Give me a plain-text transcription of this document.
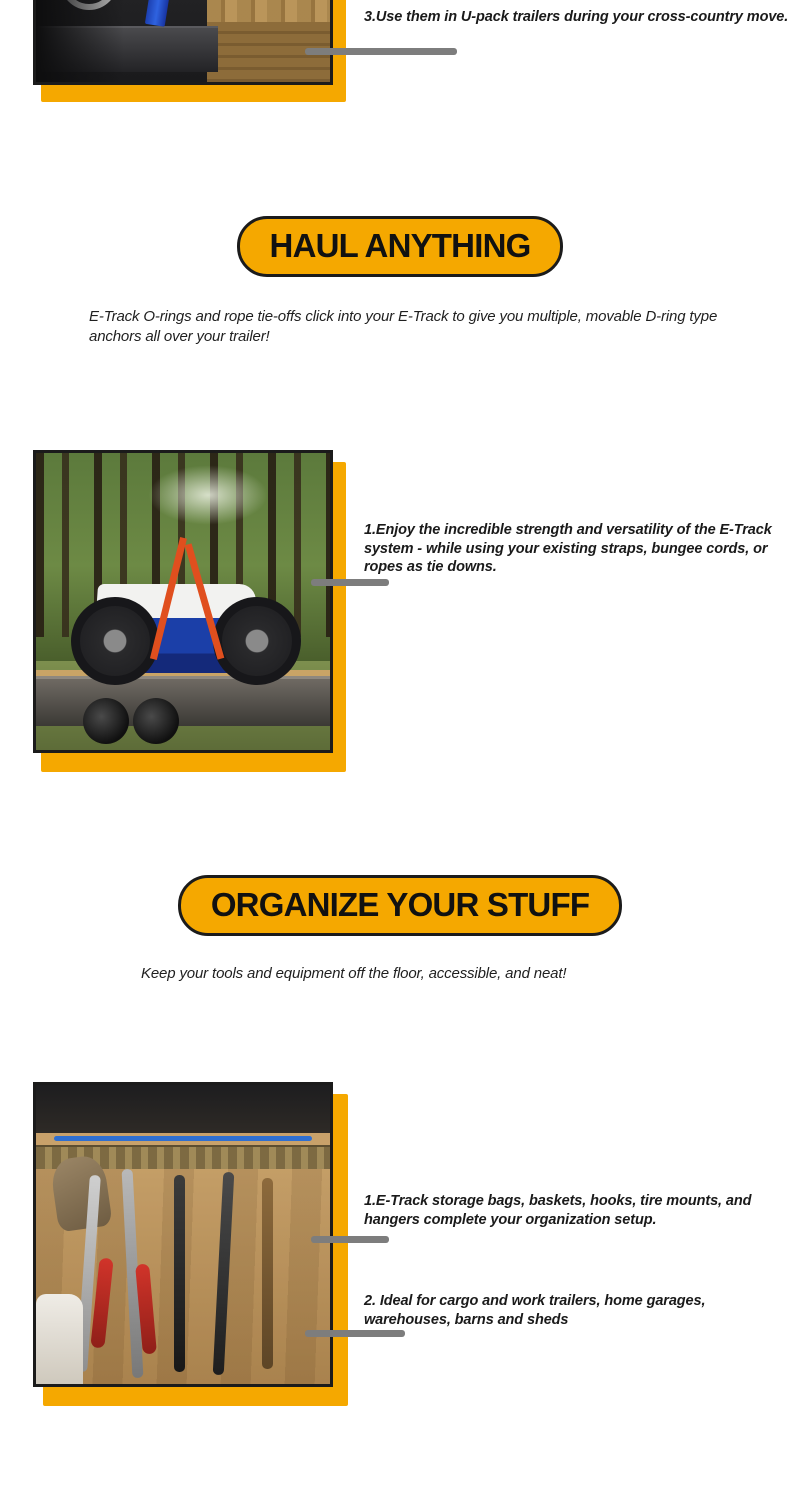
3.Use them in U-pack trailers during your cross-country move.
HAUL ANYTHING
E-Track O-rings and rope tie-offs click into your E-Track to give you multiple, movable D-ring type anchors all over your trailer!
1.Enjoy the incredible strength and versatility of the E-Track system - while using your existing straps, bungee cords, or ropes as tie downs.
ORGANIZE YOUR STUFF
Keep your tools and equipment off the floor, accessible, and neat!
1.E-Track storage bags, baskets, hooks, tire mounts, and hangers complete your organization setup.
2. Ideal for cargo and work trailers, home garages, warehouses, barns and sheds
